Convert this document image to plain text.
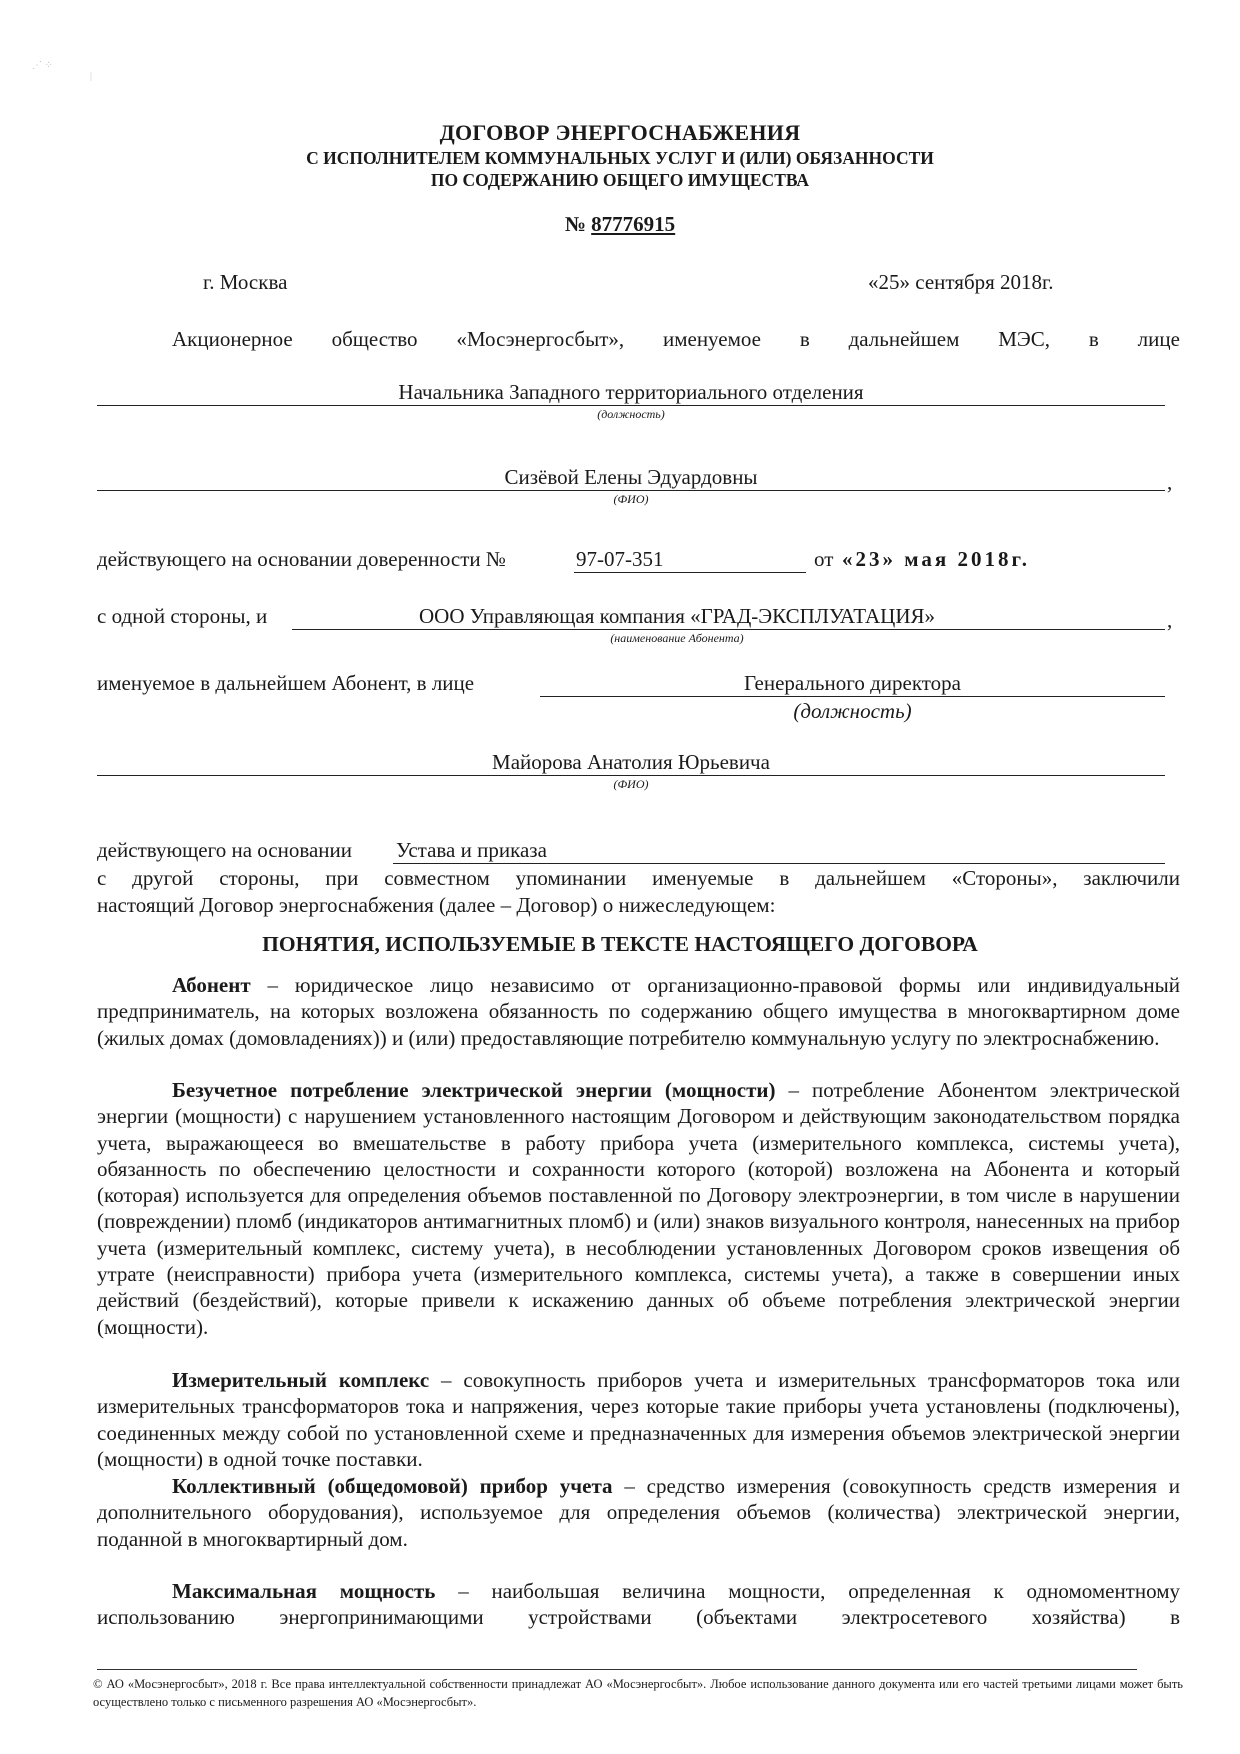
⋰ ⁘
ᛁ
ДОГОВОР ЭНЕРГОСНАБЖЕНИЯ
С ИСПОЛНИТЕЛЕМ КОММУНАЛЬНЫХ УСЛУГ И (ИЛИ) ОБЯЗАННОСТИ
ПО СОДЕРЖАНИЮ ОБЩЕГО ИМУЩЕСТВА
№ 87776915
г. Москва	«25» сентября 2018г.
Акционерное общество «Мосэнергосбыт», именуемое в дальнейшем МЭС, в лице
Начальника Западного территориального отделения
(должность)
Сизёвой Елены Эдуардовны	,
(ФИО)
действующего на основании доверенности №	97-07-351	от «23» мая 2018г.
с одной стороны, и	ООО Управляющая компания «ГРАД-ЭКСПЛУАТАЦИЯ»	,
(наименование Абонента)
именуемое в дальнейшем Абонент, в лице	Генерального директора
(должность)
Майорова Анатолия Юрьевича
(ФИО)
действующего на основании Устава и приказа
с другой стороны, при совместном упоминании именуемые в дальнейшем «Стороны», заключили
настоящий Договор энергоснабжения (далее – Договор) о нижеследующем:
ПОНЯТИЯ, ИСПОЛЬЗУЕМЫЕ В ТЕКСТЕ НАСТОЯЩЕГО ДОГОВОРА
Абонент – юридическое лицо независимо от организационно-правовой формы или индивидуальный предприниматель, на которых возложена обязанность по содержанию общего имущества в многоквартирном доме (жилых домах (домовладениях)) и (или) предоставляющие потребителю коммунальную услугу по электроснабжению.
Безучетное потребление электрической энергии (мощности) – потребление Абонентом электрической энергии (мощности) с нарушением установленного настоящим Договором и действующим законодательством порядка учета, выражающееся во вмешательстве в работу прибора учета (измерительного комплекса, системы учета), обязанность по обеспечению целостности и сохранности которого (которой) возложена на Абонента и который (которая) используется для определения объемов поставленной по Договору электроэнергии, в том числе в нарушении (повреждении) пломб (индикаторов антимагнитных пломб) и (или) знаков визуального контроля, нанесенных на прибор учета (измерительный комплекс, систему учета), в несоблюдении установленных Договором сроков извещения об утрате (неисправности) прибора учета (измерительного комплекса, системы учета), а также в совершении иных действий (бездействий), которые привели к искажению данных об объеме потребления электрической энергии (мощности).
Измерительный комплекс – совокупность приборов учета и измерительных трансформаторов тока или измерительных трансформаторов тока и напряжения, через которые такие приборы учета установлены (подключены), соединенных между собой по установленной схеме и предназначенных для измерения объемов электрической энергии (мощности) в одной точке поставки.
Коллективный (общедомовой) прибор учета – средство измерения (совокупность средств измерения и дополнительного оборудования), используемое для определения объемов (количества) электрической энергии, поданной в многоквартирный дом.
Максимальная мощность – наибольшая величина мощности, определенная к одномоментному использованию энергопринимающими устройствами (объектами электросетевого хозяйства) в
© АО «Мосэнергосбыт», 2018 г. Все права интеллектуальной собственности принадлежат АО «Мосэнергосбыт». Любое использование данного документа или его частей третьими лицами может быть осуществлено только с письменного разрешения АО «Мосэнергосбыт».
